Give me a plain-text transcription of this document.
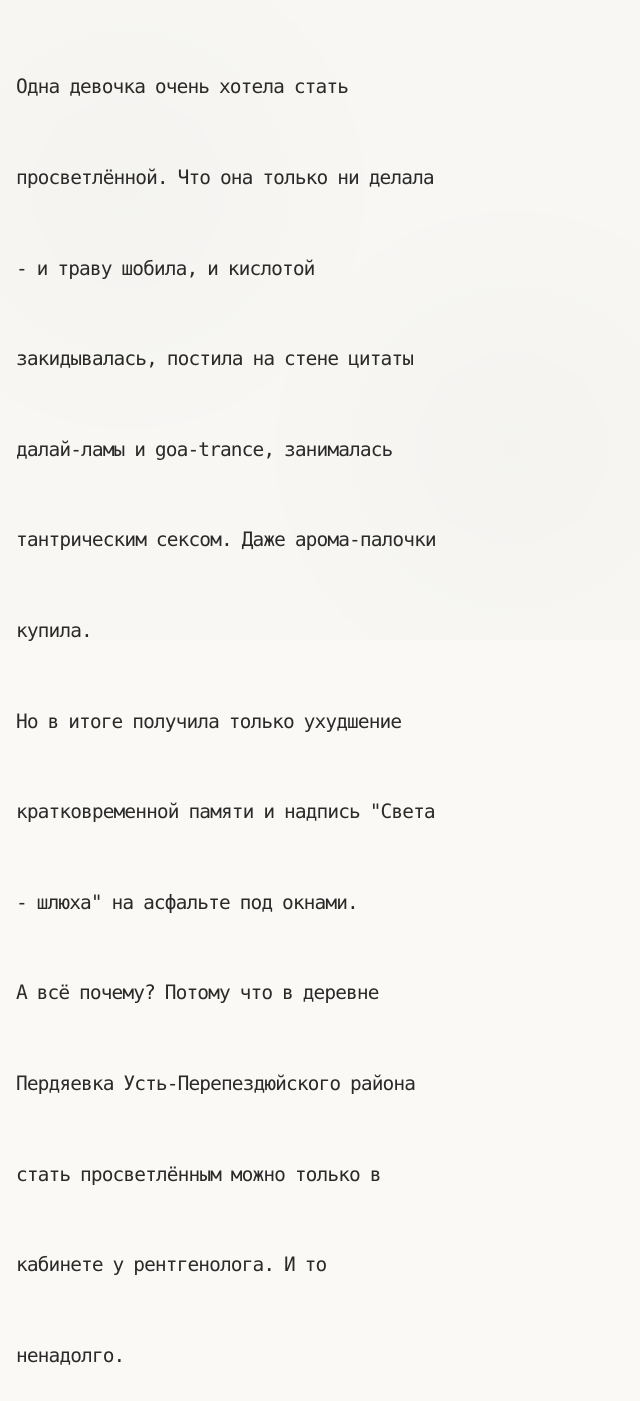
Одна девочка очень хотела стать

просветлённой. Что она только ни делала

- и траву шобила, и кислотой

закидывалась, постила на стене цитаты

далай-ламы и goa-trance, занималась

тантрическим сексом. Даже арома-палочки

купила.

Но в итоге получила только ухудшение

кратковременной памяти и надпись "Света

- шлюха" на асфальте под окнами.

А всё почему? Потому что в деревне

Пердяевка Усть-Перепездюйского района

стать просветлённым можно только в

кабинете у рентгенолога. И то

ненадолго.
